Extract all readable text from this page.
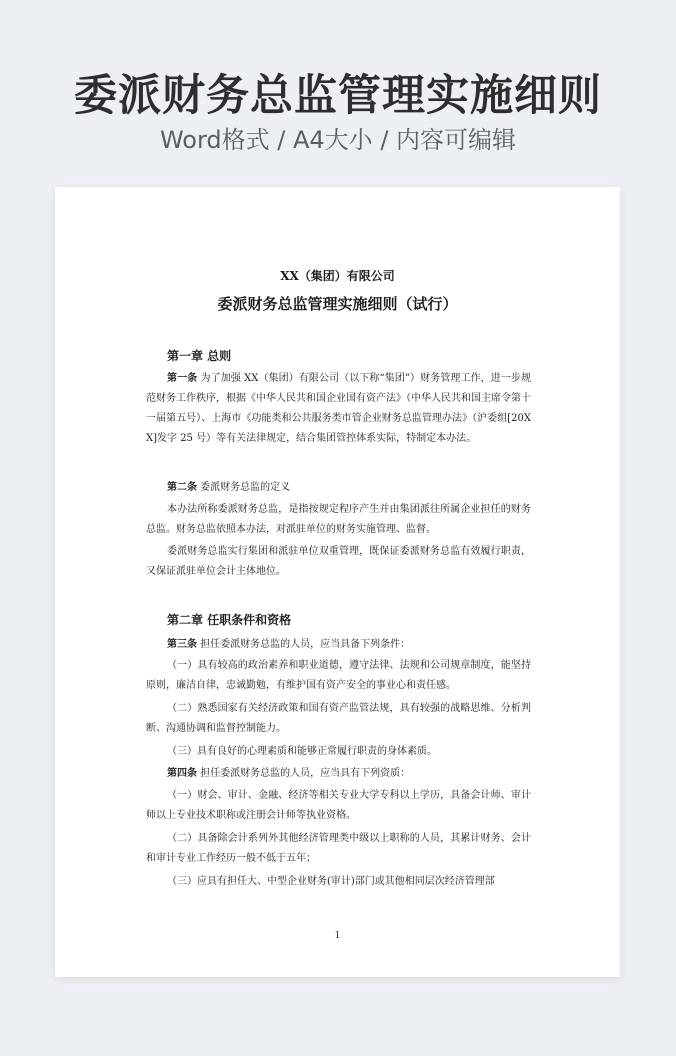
委派财务总监管理实施细则
Word格式 / A4大小 / 内容可编辑
XX（集团）有限公司
委派财务总监管理实施细则（试行）
第一章 总则
第一条 为了加强 XX（集团）有限公司（以下称“集团”）财务管理工作，进一步规范财务工作秩序，根据《中华人民共和国企业国有资产法》（中华人民共和国主席令第十一届第五号）、上海市《功能类和公共服务类市管企业财务总监管理办法》（沪委组[20XX]发字 25 号）等有关法律规定，结合集团管控体系实际，特制定本办法。
第二条 委派财务总监的定义
本办法所称委派财务总监，是指按规定程序产生并由集团派往所属企业担任的财务总监。财务总监依照本办法，对派驻单位的财务实施管理、监督。
委派财务总监实行集团和派驻单位双重管理，既保证委派财务总监有效履行职责，又保证派驻单位会计主体地位。
第二章 任职条件和资格
第三条 担任委派财务总监的人员，应当具备下列条件：
（一）具有较高的政治素养和职业道德，遵守法律、法规和公司规章制度，能坚持原则，廉洁自律，忠诚勤勉，有维护国有资产安全的事业心和责任感。
（二）熟悉国家有关经济政策和国有资产监管法规，具有较强的战略思维、分析判断、沟通协调和监督控制能力。
（三）具有良好的心理素质和能够正常履行职责的身体素质。
第四条 担任委派财务总监的人员，应当具有下列资质：
（一）财会、审计、金融、经济等相关专业大学专科以上学历，具备会计师、审计师以上专业技术职称或注册会计师等执业资格。
（二）具备除会计系列外其他经济管理类中级以上职称的人员，其累计财务、会计和审计专业工作经历一般不低于五年；
（三）应具有担任大、中型企业财务(审计)部门或其他相同层次经济管理部
1
